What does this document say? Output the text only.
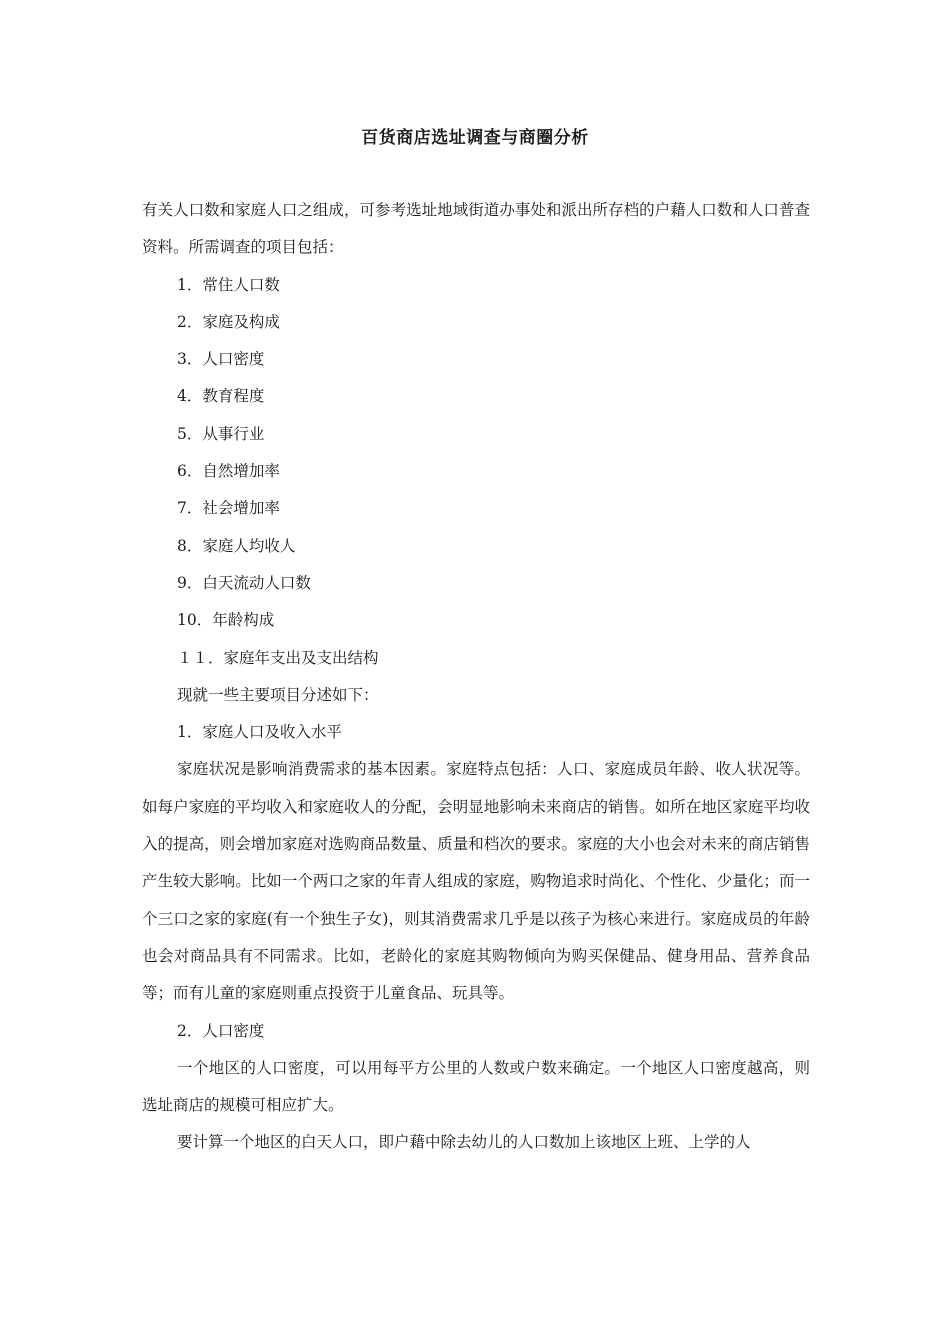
百货商店选址调查与商圈分析

有关人口数和家庭人口之组成，可参考选址地域街道办事处和派出所存档的户藉人口数和人口普查资料。所需调查的项目包括：

1．常住人口数

2．家庭及构成

3．人口密度

4．教育程度

5．从事行业

6．自然增加率

7．社会增加率

8．家庭人均收人

9．白天流动人口数

10．年龄构成

１１．家庭年支出及支出结构

现就一些主要项目分述如下：

1．家庭人口及收入水平

家庭状况是影响消费需求的基本因素。家庭特点包括：人口、家庭成员年龄、收人状况等。如每户家庭的平均收入和家庭收人的分配，会明显地影响未来商店的销售。如所在地区家庭平均收入的提高，则会增加家庭对选购商品数量、质量和档次的要求。家庭的大小也会对未来的商店销售产生较大影响。比如一个两口之家的年青人组成的家庭，购物追求时尚化、个性化、少量化；而一个三口之家的家庭(有一个独生子女)，则其消费需求几乎是以孩子为核心来进行。家庭成员的年龄也会对商品具有不同需求。比如，老龄化的家庭其购物倾向为购买保健品、健身用品、营养食品等；而有儿童的家庭则重点投资于儿童食品、玩具等。

2．人口密度

一个地区的人口密度，可以用每平方公里的人数或户数来确定。一个地区人口密度越高，则选址商店的规模可相应扩大。

要计算一个地区的白天人口，即户藉中除去幼儿的人口数加上该地区上班、上学的人
